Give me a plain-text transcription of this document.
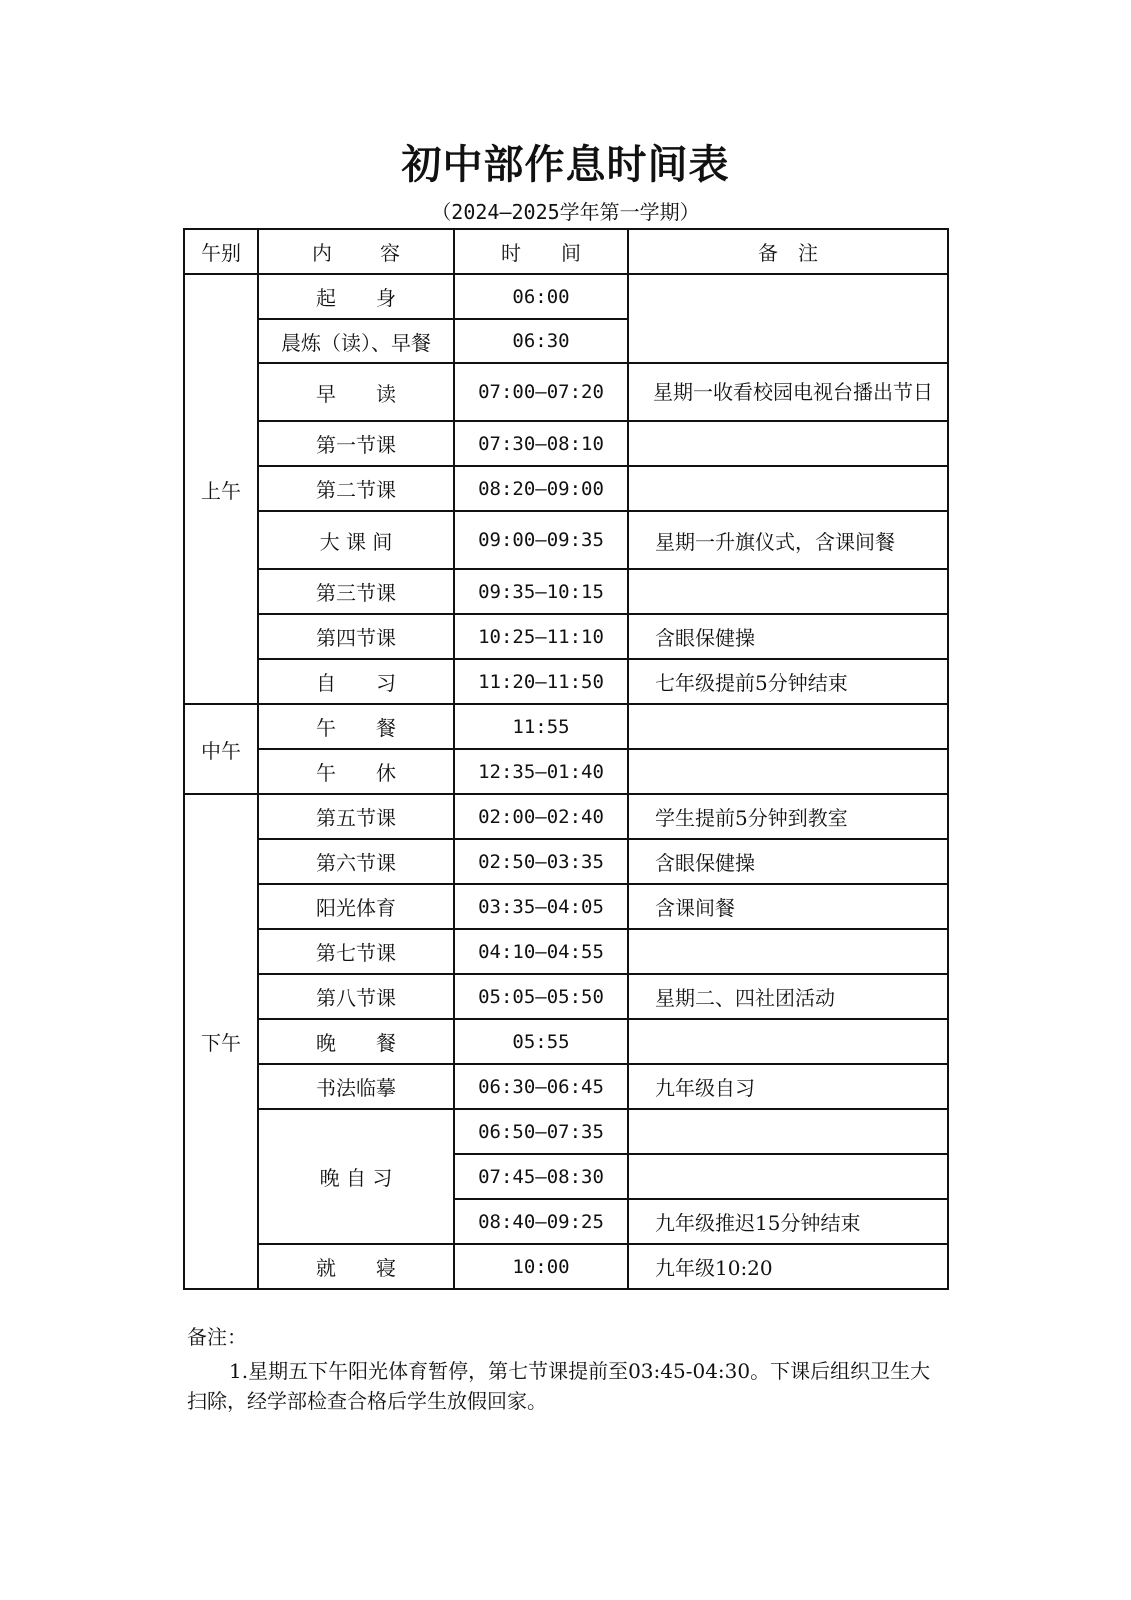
初中部作息时间表
（2024—2025学年第一学期）
午别	内　容	时　　间	备　注
上午	起　　身	06:00	
	晨炼（读）、早餐	06:30	
	早　　读	07:00—07:20	　星期一收看校园电视台播出节日
	第一节课	07:30—08:10	
	第二节课	08:20—09:00	
	大 课 间	09:00—09:35	星期一升旗仪式，含课间餐
	第三节课	09:35—10:15	
	第四节课	10:25—11:10	含眼保健操
	自　　习	11:20—11:50	七年级提前5分钟结束
中午	午　　餐	11:55	
	午　　休	12:35—01:40	
下午	第五节课	02:00—02:40	学生提前5分钟到教室
	第六节课	02:50—03:35	含眼保健操
	阳光体育	03:35—04:05	含课间餐
	第七节课	04:10—04:55	
	第八节课	05:05—05:50	星期二、四社团活动
	晚　　餐	05:55	
	书法临摹	06:30—06:45	九年级自习
	晚 自 习	06:50—07:35	
		07:45—08:30	
		08:40—09:25	九年级推迟15分钟结束
	就　　寝	10:00	九年级10:20
备注：
1.星期五下午阳光体育暂停，第七节课提前至03:45-04:30。下课后组织卫生大扫除，经学部检查合格后学生放假回家。
